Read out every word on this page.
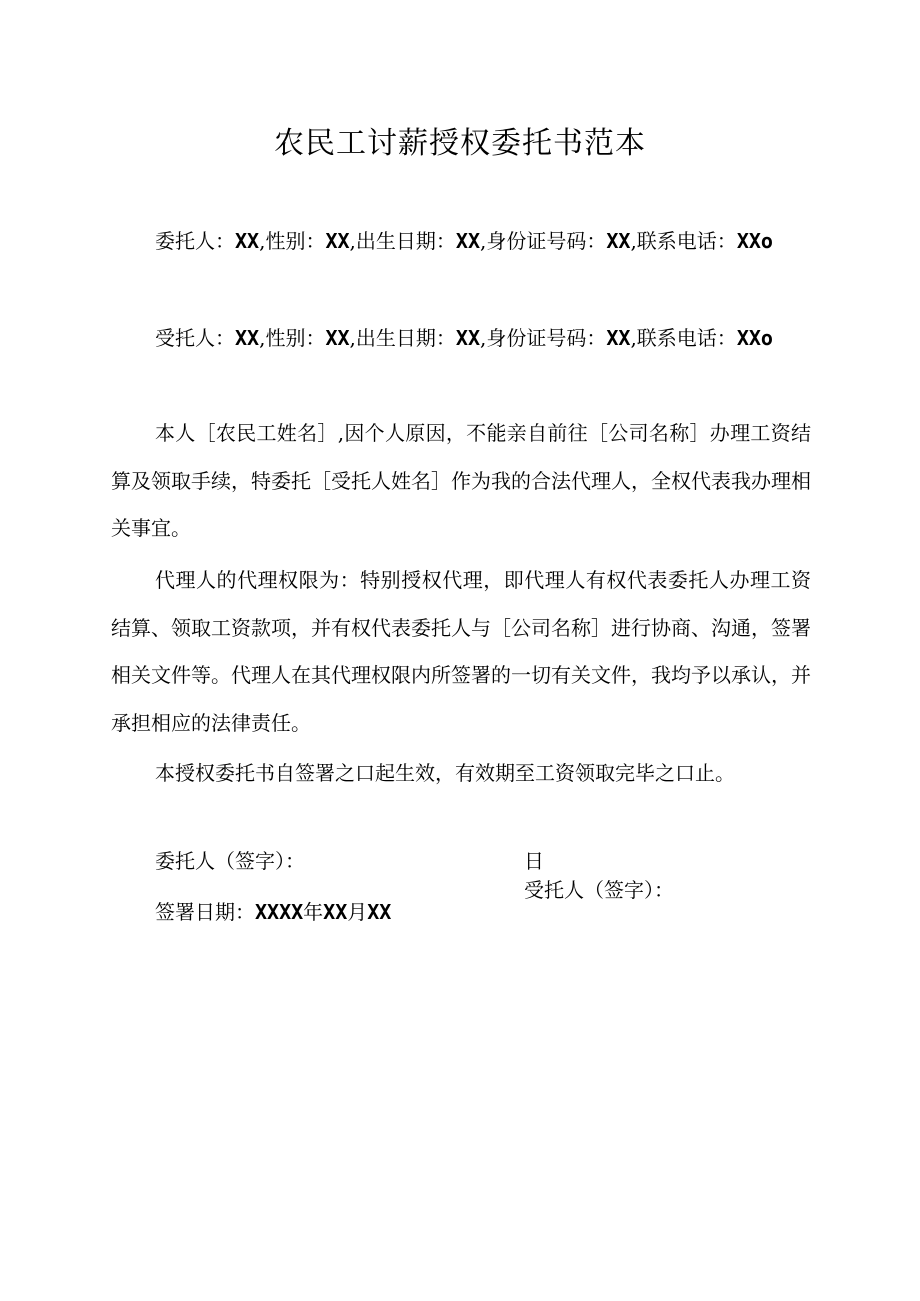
农民工讨薪授权委托书范本
委托人：XX,性别：XX,出生日期：XX,身份证号码：XX,联系电话：XXo
受托人：XX,性别：XX,出生日期：XX,身份证号码：XX,联系电话：XXo
本人［农民工姓名］,因个人原因，不能亲自前往［公司名称］办理工资结算及领取手续，特委托［受托人姓名］作为我的合法代理人，全权代表我办理相关事宜。
代理人的代理权限为：特别授权代理，即代理人有权代表委托人办理工资结算、领取工资款项，并有权代表委托人与［公司名称］进行协商、沟通，签署相关文件等。代理人在其代理权限内所签署的一切有关文件，我均予以承认，并承担相应的法律责任。
本授权委托书自签署之口起生效，有效期至工资领取完毕之口止。
委托人（签字）：
签署日期：XXXX年XX月XX
日
受托人（签字）：
